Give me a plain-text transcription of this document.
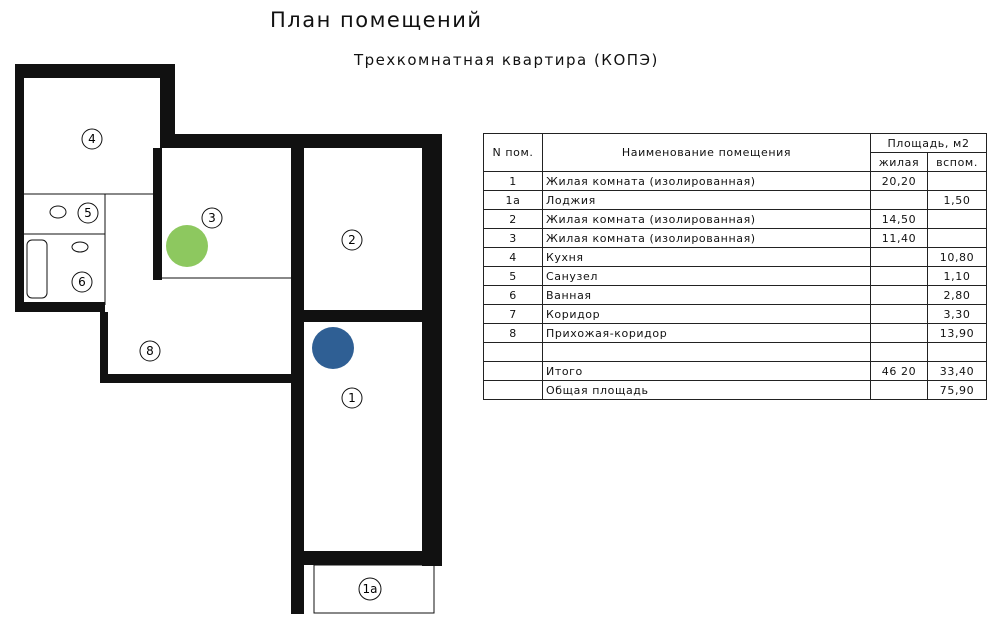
План помещений
Трехкомнатная квартира (КОПЭ)
4
3
2
5
6
8
1
1а
N пом.	Наименование помещения	Площадь, м2	
		жилая	вспом.
1	Жилая комната (изолированная)	20,20	
1а	Лоджия		1,50
2	Жилая комната (изолированная)	14,50	
3	Жилая комната (изолированная)	11,40	
4	Кухня		10,80
5	Санузел		1,10
6	Ванная		2,80
7	Коридор		3,30
8	Прихожая-коридор		13,90

	Итого	46 20	33,40
	Общая площадь		75,90
